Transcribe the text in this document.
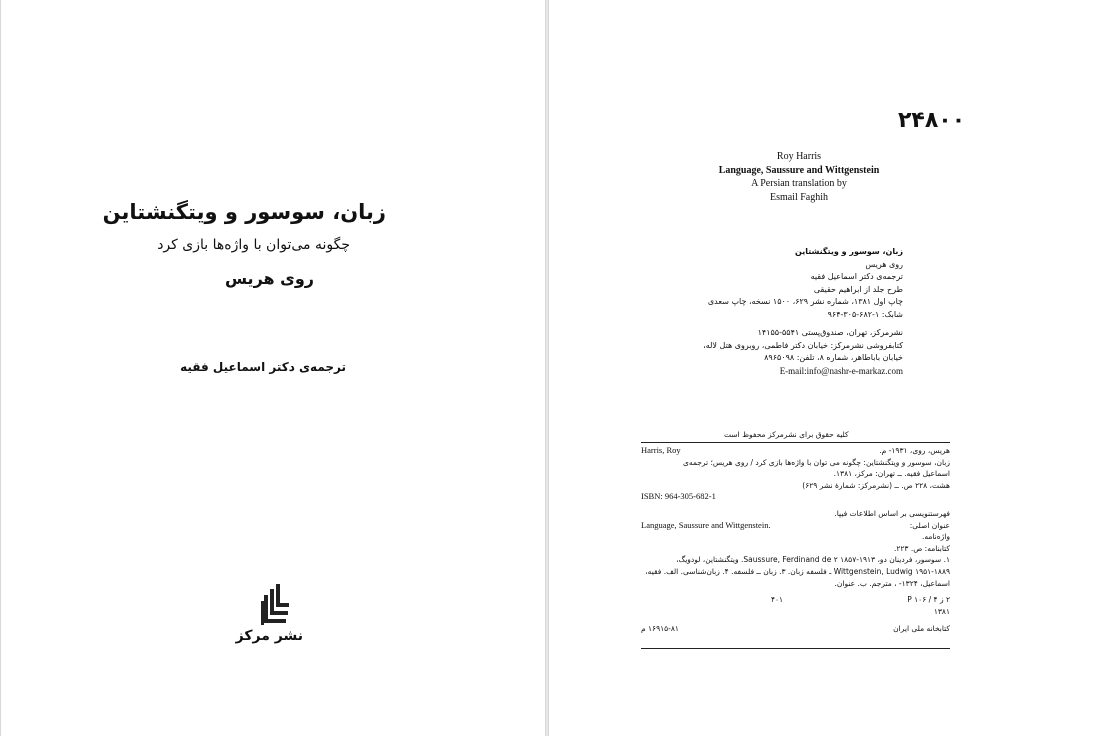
زبان، سوسور و ویتگنشتاین
چگونه می‌توان با واژه‌ها بازی کرد
روی هریس
ترجمه‌ی دکتر اسماعیل فقیه
نشر مرکز
۲۴۸۰۰
Roy Harris
Language, Saussure and Wittgenstein
A Persian translation by
Esmail Faghih
زبان، سوسور و ویتگنشتاین
روی هریس
ترجمه‌ی دکتر اسماعیل فقیه
طرح جلد از ابراهیم حقیقی
چاپ اول ۱۳۸۱، شماره نشر ۶۲۹، ۱۵۰۰ نسخه، چاپ سعدی
شابک: ۱-۶۸۲-۳۰۵-۹۶۴
نشرمرکز، تهران، صندوق‌پستی ۵۵۴۱-۱۴۱۵۵
کتابفروشی نشرمرکز: خیابان دکتر فاطمی، روبروی هتل لاله،
خیابان باباطاهر، شماره ۸، تلفن: ۸۹۶۵۰۹۸
E-mail:info@nashr-e-markaz.com
کلیه حقوق برای نشرمرکز محفوظ است
هریس، روی، ۱۹۳۱- م.
Harris, Roy
زبان، سوسور و ویتگنشتاین: چگونه می توان با واژه‌ها بازی کرد / روی هریس؛ ترجمه‌ی
اسماعیل فقیه. ــ تهران: مرکز، ۱۳۸۱.
هشت، ۲۲۸ ص. ــ (نشرمرکز: شمارهٔ نشر ۶۲۹)
ISBN: 964-305-682-1
فهرستنویسی بر اساس اطلاعات فیپا.
عنوان اصلی:
Language, Saussure and Wittgenstein.
واژه‌نامه.
کتابنامه: ص. ۲۲۳.
۱. سوسور، فردینان دو، ۱۹۱۳-۱۸۵۷ Saussure, Ferdinand de ۲. ویتگنشتاین، لودویگ،
۱۹۵۱-۱۸۸۹ Wittgenstein, Ludwig ـ فلسفه زبان. ۳. زبان ــ فلسفه. ۴. زبان‌شناسی. الف. فقیه،
اسماعیل، ۱۳۲۴- ، مترجم. ب. عنوان.
۲ ز ۴ / ۱۰۶ P
۴۰۱
۱۳۸۱
کتابخانه ملی ایران
۱۶۹۱۵-۸۱ م
